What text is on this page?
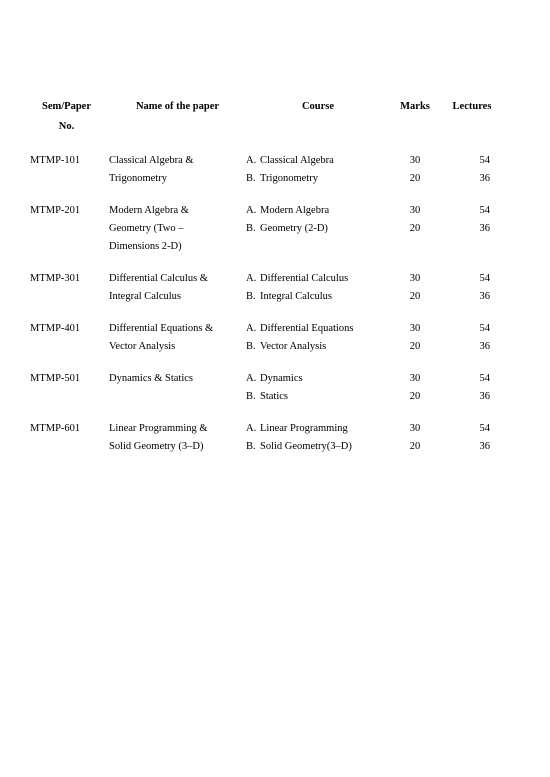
Sem/Paper
No.	Name of the paper	Course	Marks	Lectures
MTMP-101	Classical Algebra &	A. Classical Algebra	30	54
	Trigonometry	B. Trigonometry	20	36
MTMP-201	Modern Algebra &	A. Modern Algebra	30	54
	Geometry (Two –	B. Geometry (2-D)	20	36
	Dimensions 2-D)			
MTMP-301	Differential Calculus &	A. Differential Calculus	30	54
	Integral Calculus	B. Integral Calculus	20	36
MTMP-401	Differential Equations &	A. Differential Equations	30	54
	Vector Analysis	B. Vector Analysis	20	36
MTMP-501	Dynamics & Statics	A. Dynamics	30	54
		B. Statics	20	36
MTMP-601	Linear Programming &	A. Linear Programming	30	54
	Solid Geometry (3–D)	B. Solid Geometry(3–D)	20	36
